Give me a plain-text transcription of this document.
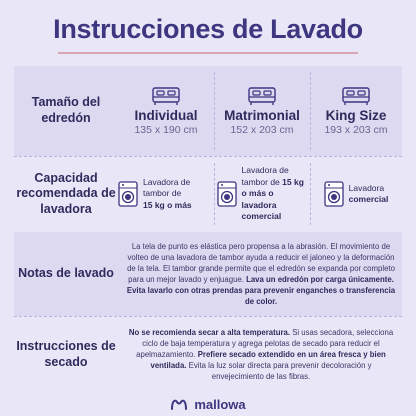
Instrucciones de Lavado
Tamaño del edredón	Individual
135 x 190 cm
Matrimonial
152 x 203 cm
King Size
193 x 203 cm
Capacidad recomendada de lavadora
Lavadora de tambor de
15 kg o más
Lavadora de tambor de 15 kg o más o lavadora comercial
Lavadora
comercial
Notas de lavado
La tela de punto es elástica pero propensa a la abrasión. El movimiento de volteo de una lavadora de tambor ayuda a reducir el jaloneo y la deformación de la tela. El tambor grande permite que el edredón se expanda por completo para un mejor lavado y enjuague. Lava un edredón por carga únicamente. Evita lavarlo con otras prendas para prevenir enganches o transferencia de color.
Instrucciones de secado
No se recomienda secar a alta temperatura. Si usas secadora, selecciona ciclo de baja temperatura y agrega pelotas de secado para reducir el apelmazamiento. Prefiere secado extendido en un área fresca y bien ventilada. Evita la luz solar directa para prevenir decoloración y envejecimiento de las fibras.
mallowa
